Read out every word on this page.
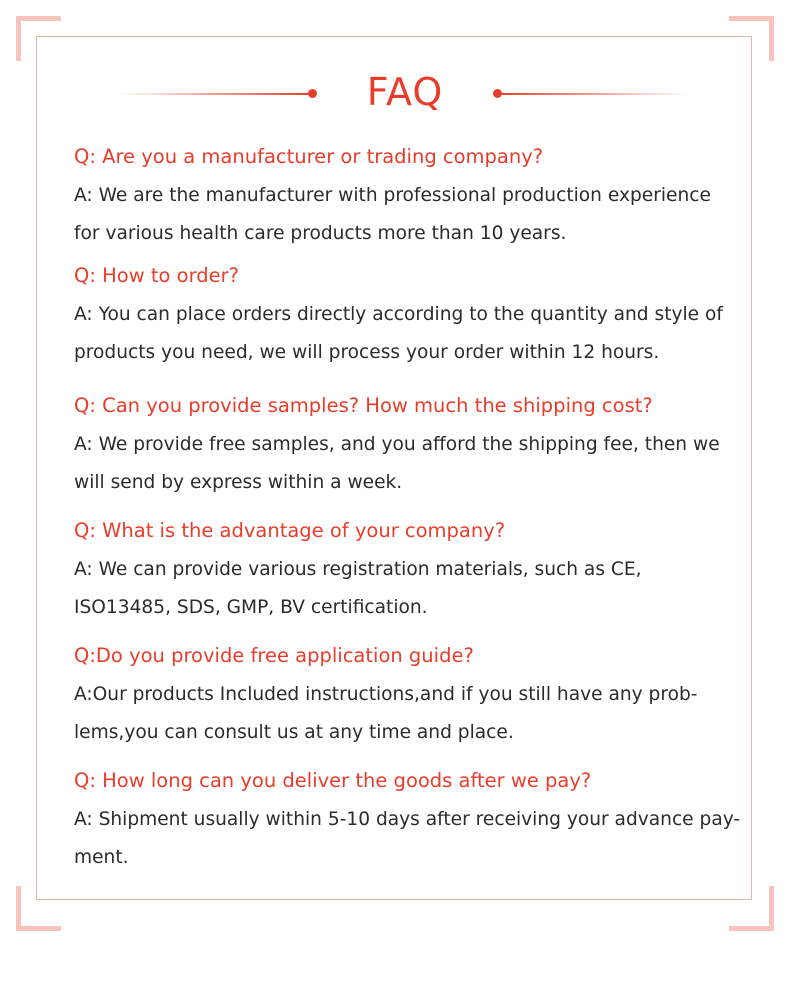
FAQ
Q: Are you a manufacturer or trading company?

A: We are the manufacturer with professional production experience

for various health care products more than 10 years.

Q: How to order?

A: You can place orders directly according to the quantity and style of

products you need, we will process your order within 12 hours.

Q: Can you provide samples? How much the shipping cost?

A: We provide free samples, and you afford the shipping fee, then we

will send by express within a week.

Q: What is the advantage of your company?

A: We can provide various registration materials, such as CE,

ISO13485, SDS, GMP, BV certification.

Q:Do you provide free application guide?

A:Our products Included instructions,and if you still have any prob-

lems,you can consult us at any time and place.

Q: How long can you deliver the goods after we pay?

A: Shipment usually within 5-10 days after receiving your advance pay-

ment.
